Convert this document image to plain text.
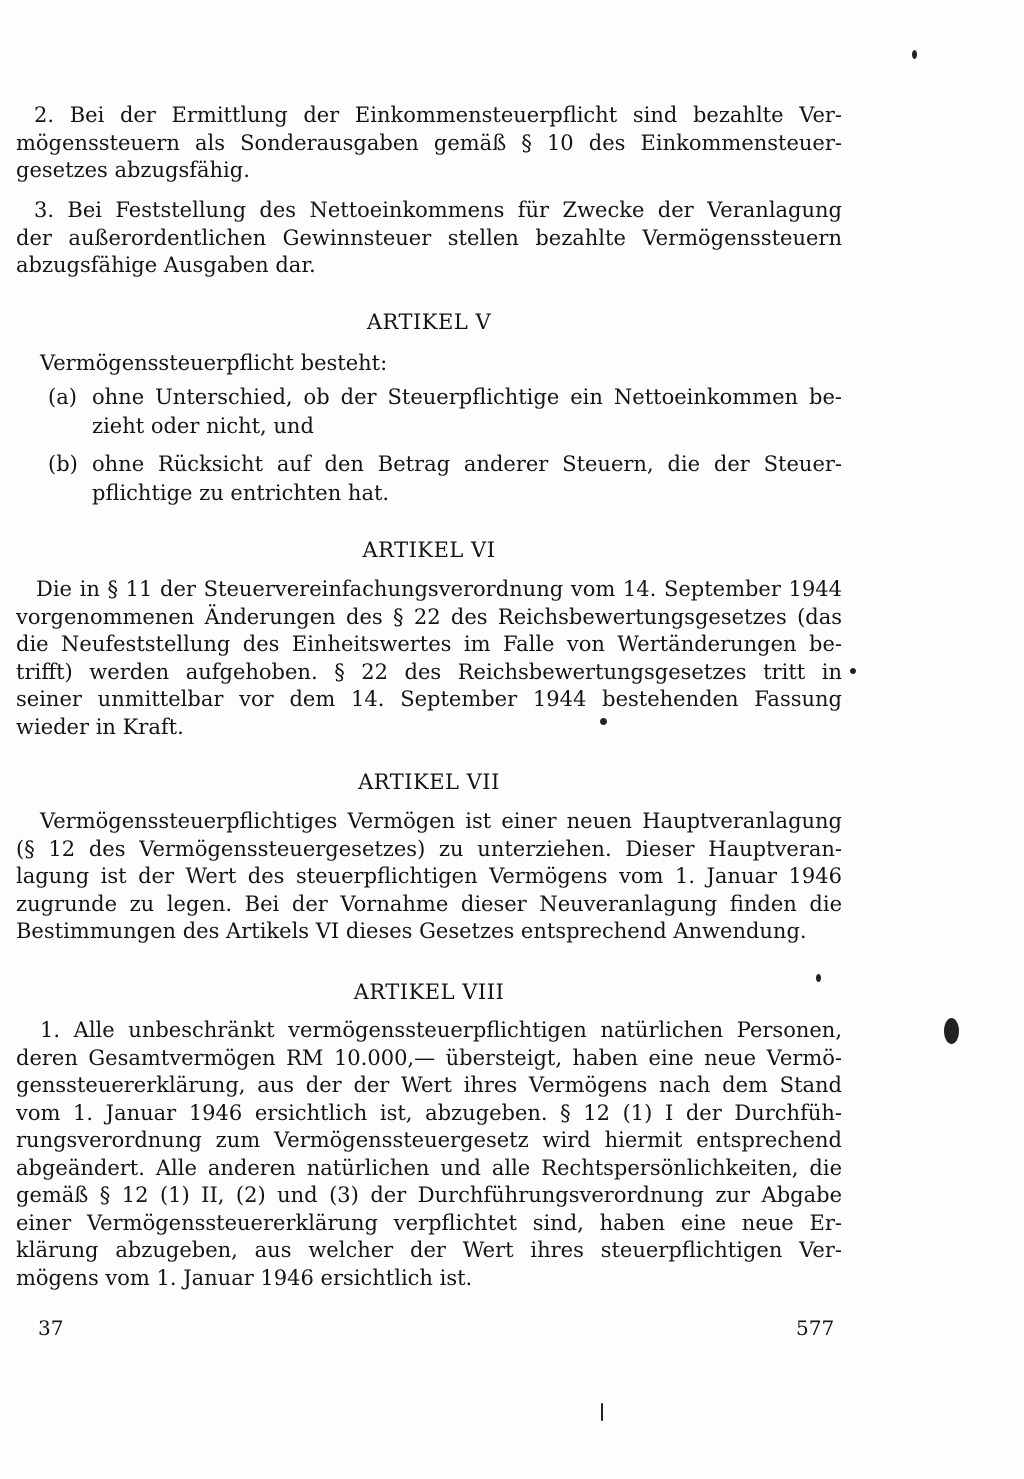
2. Bei der Ermittlung der Einkommensteuerpflicht sind bezahlte Ver-
mögenssteuern als Sonderausgaben gemäß § 10 des Einkommensteuer-
gesetzes abzugsfähig.
3. Bei Feststellung des Nettoeinkommens für Zwecke der Veranlagung
der außerordentlichen Gewinnsteuer stellen bezahlte Vermögenssteuern
abzugsfähige Ausgaben dar.
ARTIKEL V
Vermögenssteuerpflicht besteht:
(a) ohne Unterschied, ob der Steuerpflichtige ein Nettoeinkommen be-
zieht oder nicht, und
(b) ohne Rücksicht auf den Betrag anderer Steuern, die der Steuer-
pflichtige zu entrichten hat.
ARTIKEL VI
Die in § 11 der Steuervereinfachungsverordnung vom 14. September 1944
vorgenommenen Änderungen des § 22 des Reichsbewertungsgesetzes (das
die Neufeststellung des Einheitswertes im Falle von Wertänderungen be-
trifft) werden aufgehoben. § 22 des Reichsbewertungsgesetzes tritt in
seiner unmittelbar vor dem 14. September 1944 bestehenden Fassung
wieder in Kraft.
ARTIKEL VII
Vermögenssteuerpflichtiges Vermögen ist einer neuen Hauptveranlagung
(§ 12 des Vermögenssteuergesetzes) zu unterziehen. Dieser Hauptveran-
lagung ist der Wert des steuerpflichtigen Vermögens vom 1. Januar 1946
zugrunde zu legen. Bei der Vornahme dieser Neuveranlagung finden die
Bestimmungen des Artikels VI dieses Gesetzes entsprechend Anwendung.
ARTIKEL VIII
1. Alle unbeschränkt vermögenssteuerpflichtigen natürlichen Personen,
deren Gesamtvermögen RM 10.000,— übersteigt, haben eine neue Vermö-
genssteuererklärung, aus der der Wert ihres Vermögens nach dem Stand
vom 1. Januar 1946 ersichtlich ist, abzugeben. § 12 (1) I der Durchfüh-
rungsverordnung zum Vermögenssteuergesetz wird hiermit entsprechend
abgeändert. Alle anderen natürlichen und alle Rechtspersönlichkeiten, die
gemäß § 12 (1) II, (2) und (3) der Durchführungsverordnung zur Abgabe
einer Vermögenssteuererklärung verpflichtet sind, haben eine neue Er-
klärung abzugeben, aus welcher der Wert ihres steuerpflichtigen Ver-
mögens vom 1. Januar 1946 ersichtlich ist.
37	577
